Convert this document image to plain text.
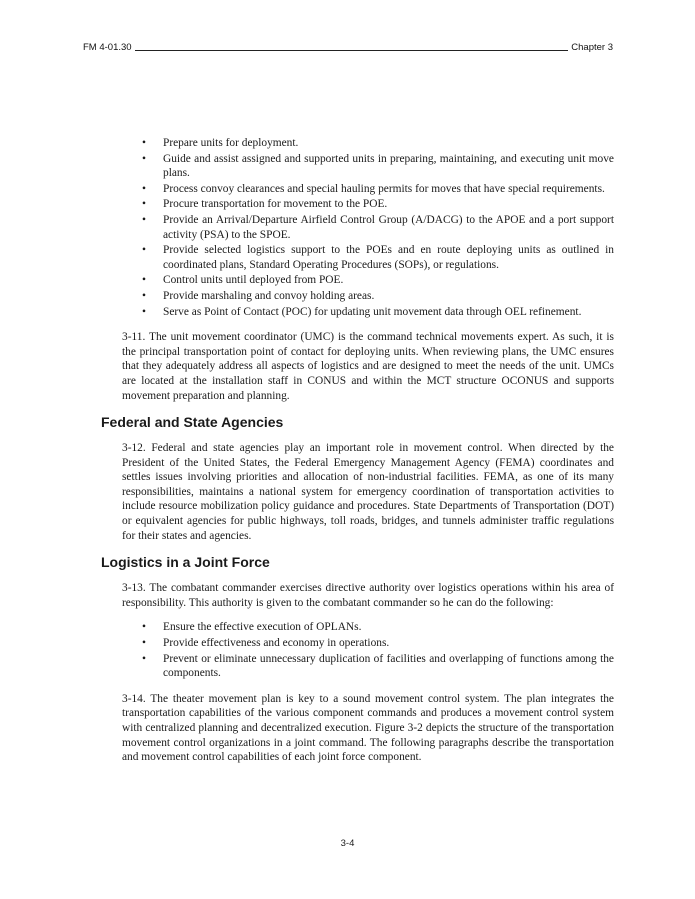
FM 4-01.30	Chapter 3
• Prepare units for deployment.
• Guide and assist assigned and supported units in preparing, maintaining, and executing unit move plans.
• Process convoy clearances and special hauling permits for moves that have special requirements.
• Procure transportation for movement to the POE.
• Provide an Arrival/Departure Airfield Control Group (A/DACG) to the APOE and a port support activity (PSA) to the SPOE.
• Provide selected logistics support to the POEs and en route deploying units as outlined in coordinated plans, Standard Operating Procedures (SOPs), or regulations.
• Control units until deployed from POE.
• Provide marshaling and convoy holding areas.
• Serve as Point of Contact (POC) for updating unit movement data through OEL refinement.

3-11. The unit movement coordinator (UMC) is the command technical movements expert. As such, it is the principal transportation point of contact for deploying units. When reviewing plans, the UMC ensures that they adequately address all aspects of logistics and are designed to meet the needs of the unit. UMCs are located at the installation staff in CONUS and within the MCT structure OCONUS and supports movement preparation and planning.

Federal and State Agencies

3-12. Federal and state agencies play an important role in movement control. When directed by the President of the United States, the Federal Emergency Management Agency (FEMA) coordinates and settles issues involving priorities and allocation of non-industrial facilities. FEMA, as one of its many responsibilities, maintains a national system for emergency coordination of transportation activities to include resource mobilization policy guidance and procedures. State Departments of Transportation (DOT) or equivalent agencies for public highways, toll roads, bridges, and tunnels administer traffic regulations for their states and agencies.

Logistics in a Joint Force

3-13. The combatant commander exercises directive authority over logistics operations within his area of responsibility. This authority is given to the combatant commander so he can do the following:

• Ensure the effective execution of OPLANs.
• Provide effectiveness and economy in operations.
• Prevent or eliminate unnecessary duplication of facilities and overlapping of functions among the components.

3-14. The theater movement plan is key to a sound movement control system. The plan integrates the transportation capabilities of the various component commands and produces a movement control system with centralized planning and decentralized execution. Figure 3-2 depicts the structure of the transportation movement control organizations in a joint command. The following paragraphs describe the transportation and movement control capabilities of each joint force component.

3-4
